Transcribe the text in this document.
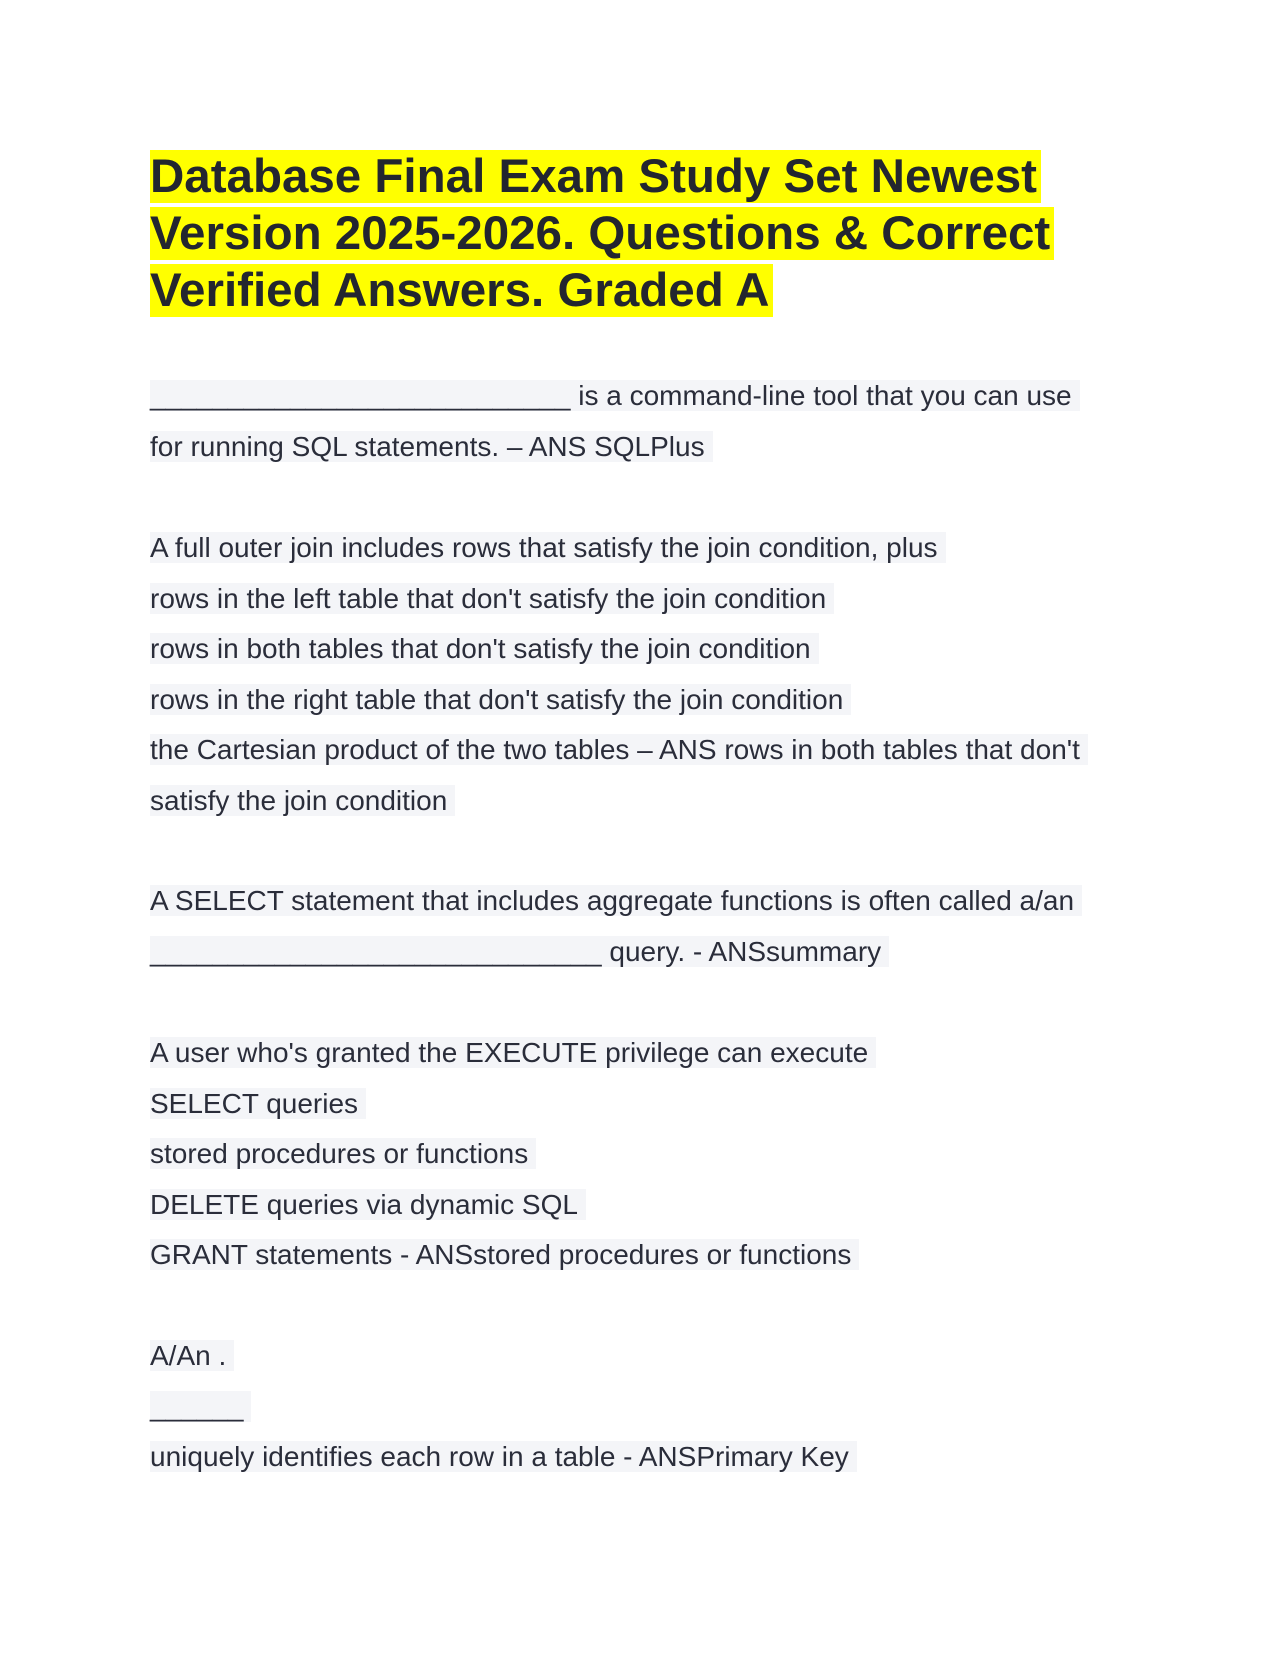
Database Final Exam Study Set Newest
Version 2025-2026. Questions & Correct
Verified Answers. Graded A
___________________________ is a command-line tool that you can use
for running SQL statements. – ANS SQLPlus
A full outer join includes rows that satisfy the join condition, plus
rows in the left table that don't satisfy the join condition
rows in both tables that don't satisfy the join condition
rows in the right table that don't satisfy the join condition
the Cartesian product of the two tables – ANS rows in both tables that don't
satisfy the join condition
A SELECT statement that includes aggregate functions is often called a/an
_____________________________ query. - ANSsummary
A user who's granted the EXECUTE privilege can execute
SELECT queries
stored procedures or functions
DELETE queries via dynamic SQL
GRANT statements - ANSstored procedures or functions
A/An .
______
uniquely identifies each row in a table - ANSPrimary Key
